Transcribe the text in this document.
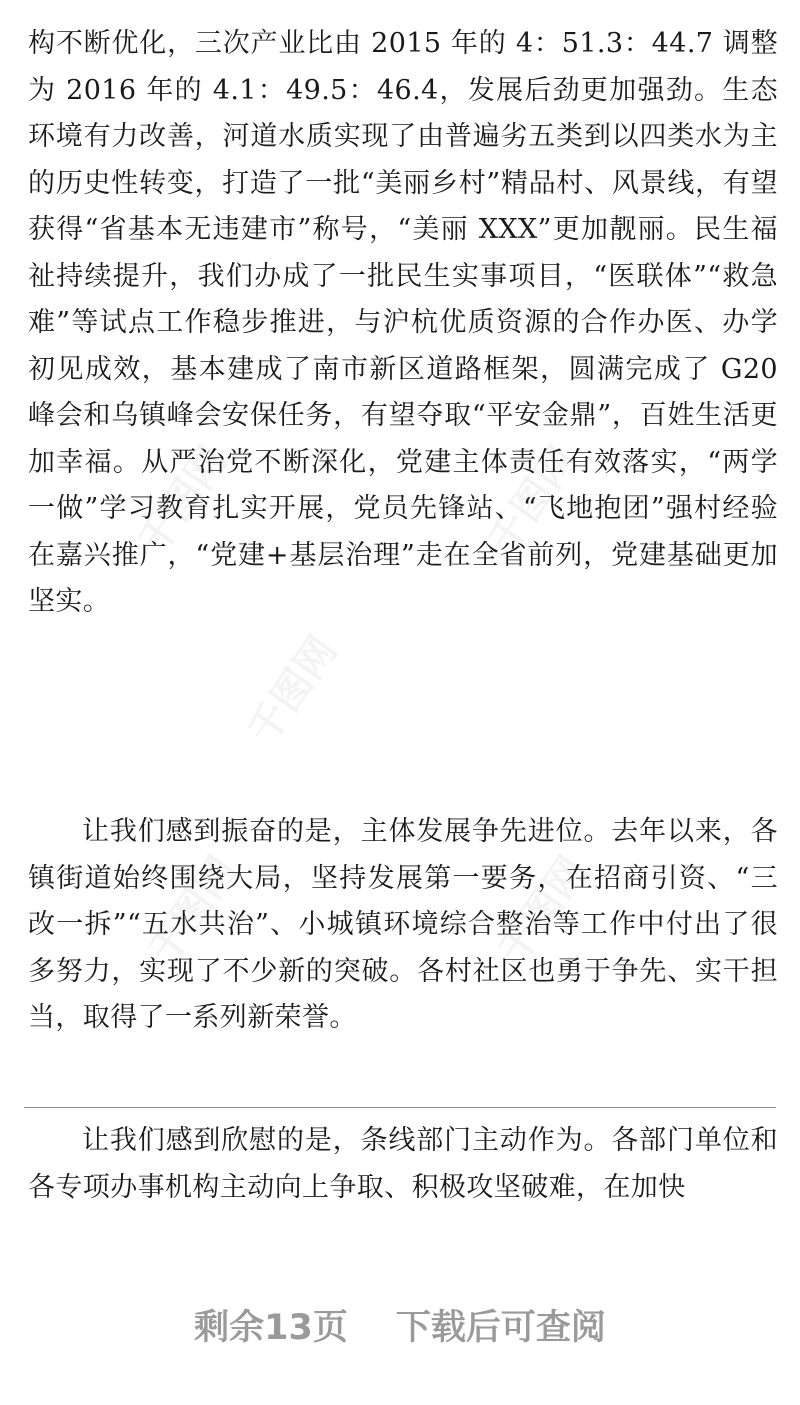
千图网	千图网
千图网
千图网	千图网

构不断优化，三次产业比由 2015 年的 4：51.3：44.7 调整为 2016 年的 4.1：49.5：46.4，发展后劲更加强劲。生态环境有力改善，河道水质实现了由普遍劣五类到以四类水为主的历史性转变，打造了一批“美丽乡村”精品村、风景线，有望获得“省基本无违建市”称号，“美丽 XXX”更加靓丽。民生福祉持续提升，我们办成了一批民生实事项目，“医联体”“救急难”等试点工作稳步推进，与沪杭优质资源的合作办医、办学初见成效，基本建成了南市新区道路框架，圆满完成了 G20 峰会和乌镇峰会安保任务，有望夺取“平安金鼎”，百姓生活更加幸福。从严治党不断深化，党建主体责任有效落实，“两学一做”学习教育扎实开展，党员先锋站、“飞地抱团”强村经验在嘉兴推广，“党建+基层治理”走在全省前列，党建基础更加坚实。

让我们感到振奋的是，主体发展争先进位。去年以来，各镇街道始终围绕大局，坚持发展第一要务，在招商引资、“三改一拆”“五水共治”、小城镇环境综合整治等工作中付出了很多努力，实现了不少新的突破。各村社区也勇于争先、实干担当，取得了一系列新荣誉。

让我们感到欣慰的是，条线部门主动作为。各部门单位和各专项办事机构主动向上争取、积极攻坚破难，在加快

剩余13页 下载后可查阅
